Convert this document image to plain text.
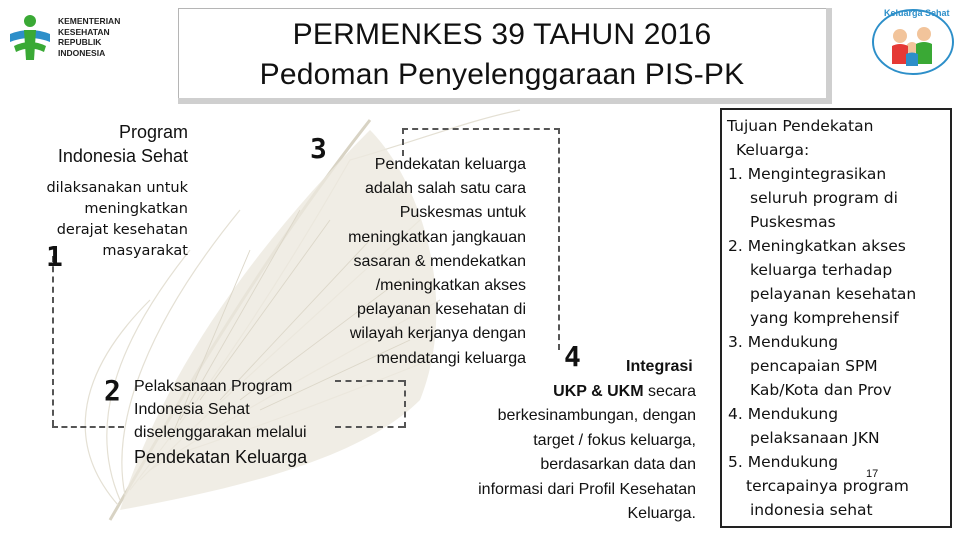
KEMENTERIAN
KESEHATAN
REPUBLIK
INDONESIA
Keluarga Sehat
PERMENKES 39 TAHUN 2016
Pedoman Penyelenggaraan PIS-PK
Program
Indonesia Sehat
dilaksanakan untuk
meningkatkan
derajat kesehatan
masyarakat
1
2 Pelaksanaan Program
Indonesia Sehat
diselenggarakan melalui
Pendekatan Keluarga
3	Pendekatan keluarga
adalah salah satu cara
Puskesmas untuk
meningkatkan jangkauan
sasaran & mendekatkan
/meningkatkan akses
pelayanan kesehatan di
wilayah kerjanya dengan
mendatangi keluarga 4	Integrasi
UKP & UKM secara
berkesinambungan, dengan
target / fokus keluarga,
berdasarkan data dan
informasi dari Profil Kesehatan
Keluarga.
Tujuan Pendekatan
Keluarga:
1. Mengintegrasikan
seluruh program di
Puskesmas
2. Meningkatkan akses
keluarga terhadap
pelayanan kesehatan
yang komprehensif
3. Mendukung
pencapaian SPM
Kab/Kota dan Prov
4. Mendukung
pelaksanaan JKN
5. Mendukung
tercapainya program
indonesia sehat
17
